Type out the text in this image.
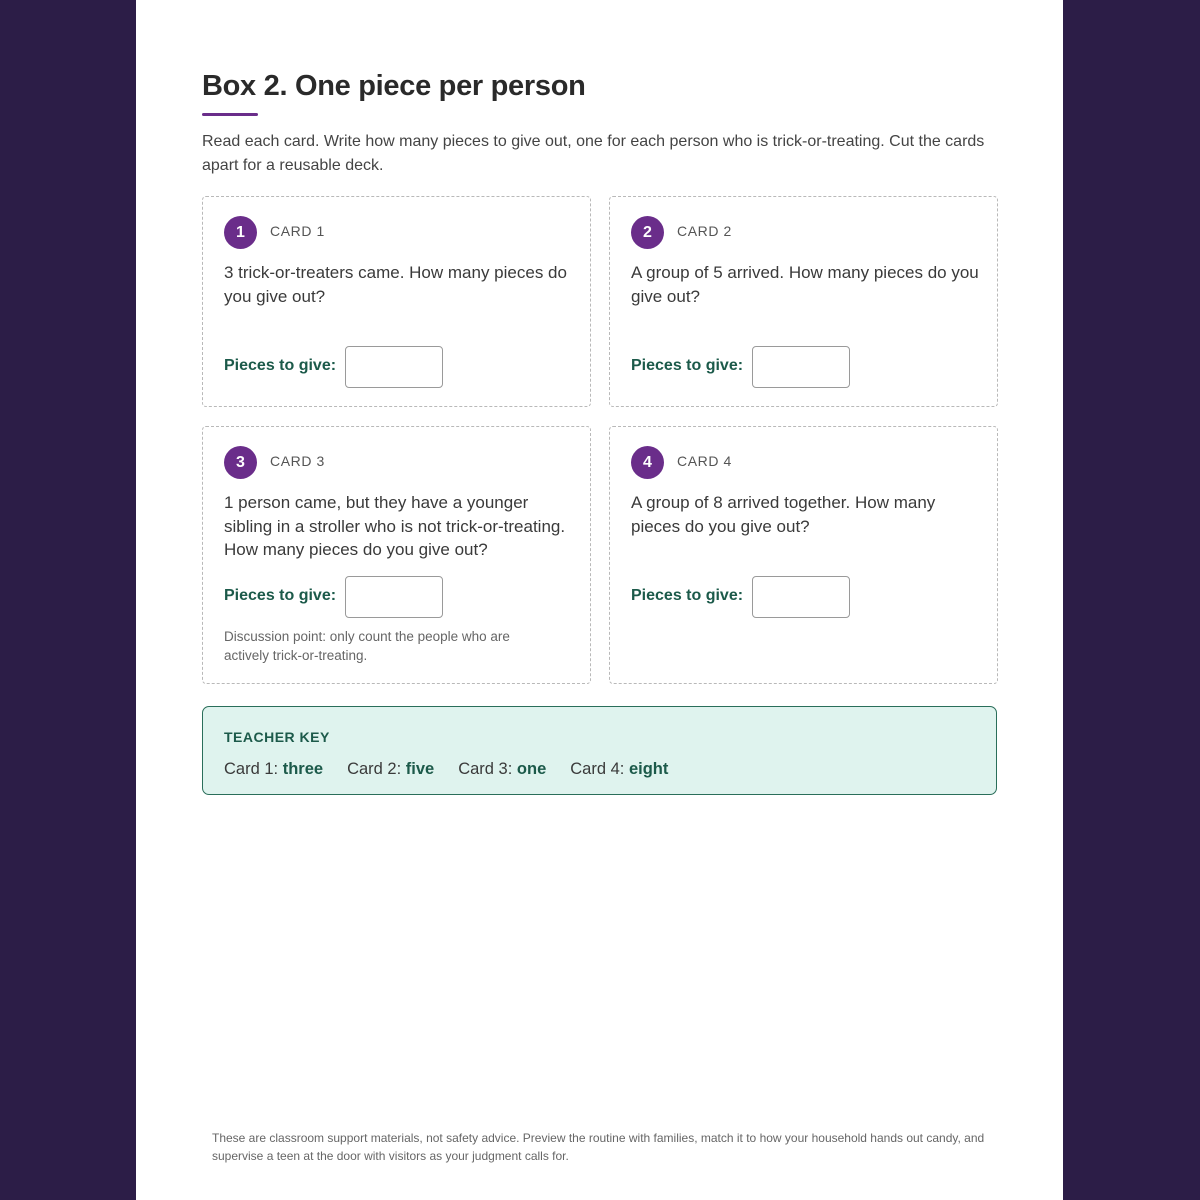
Box 2. One piece per person

Read each card. Write how many pieces to give out, one for each person who is trick-or-treating. Cut the cards apart for a reusable deck.

1	CARD 1

3 trick-or-treaters came. How many pieces do you give out?

Pieces to give:
2	CARD 2

A group of 5 arrived. How many pieces do you give out?

Pieces to give:
3	CARD 3

1 person came, but they have a younger sibling in a stroller who is not trick-or-treating. How many pieces do you give out?

Pieces to give:

Discussion point: only count the people who are actively trick-or-treating.

4	CARD 4

A group of 8 arrived together. How many pieces do you give out?

Pieces to give:
TEACHER KEY
Card 1: three Card 2: five Card 3: one Card 4: eight

These are classroom support materials, not safety advice. Preview the routine with families, match it to how your household hands out candy, and supervise a teen at the door with visitors as your judgment calls for.
